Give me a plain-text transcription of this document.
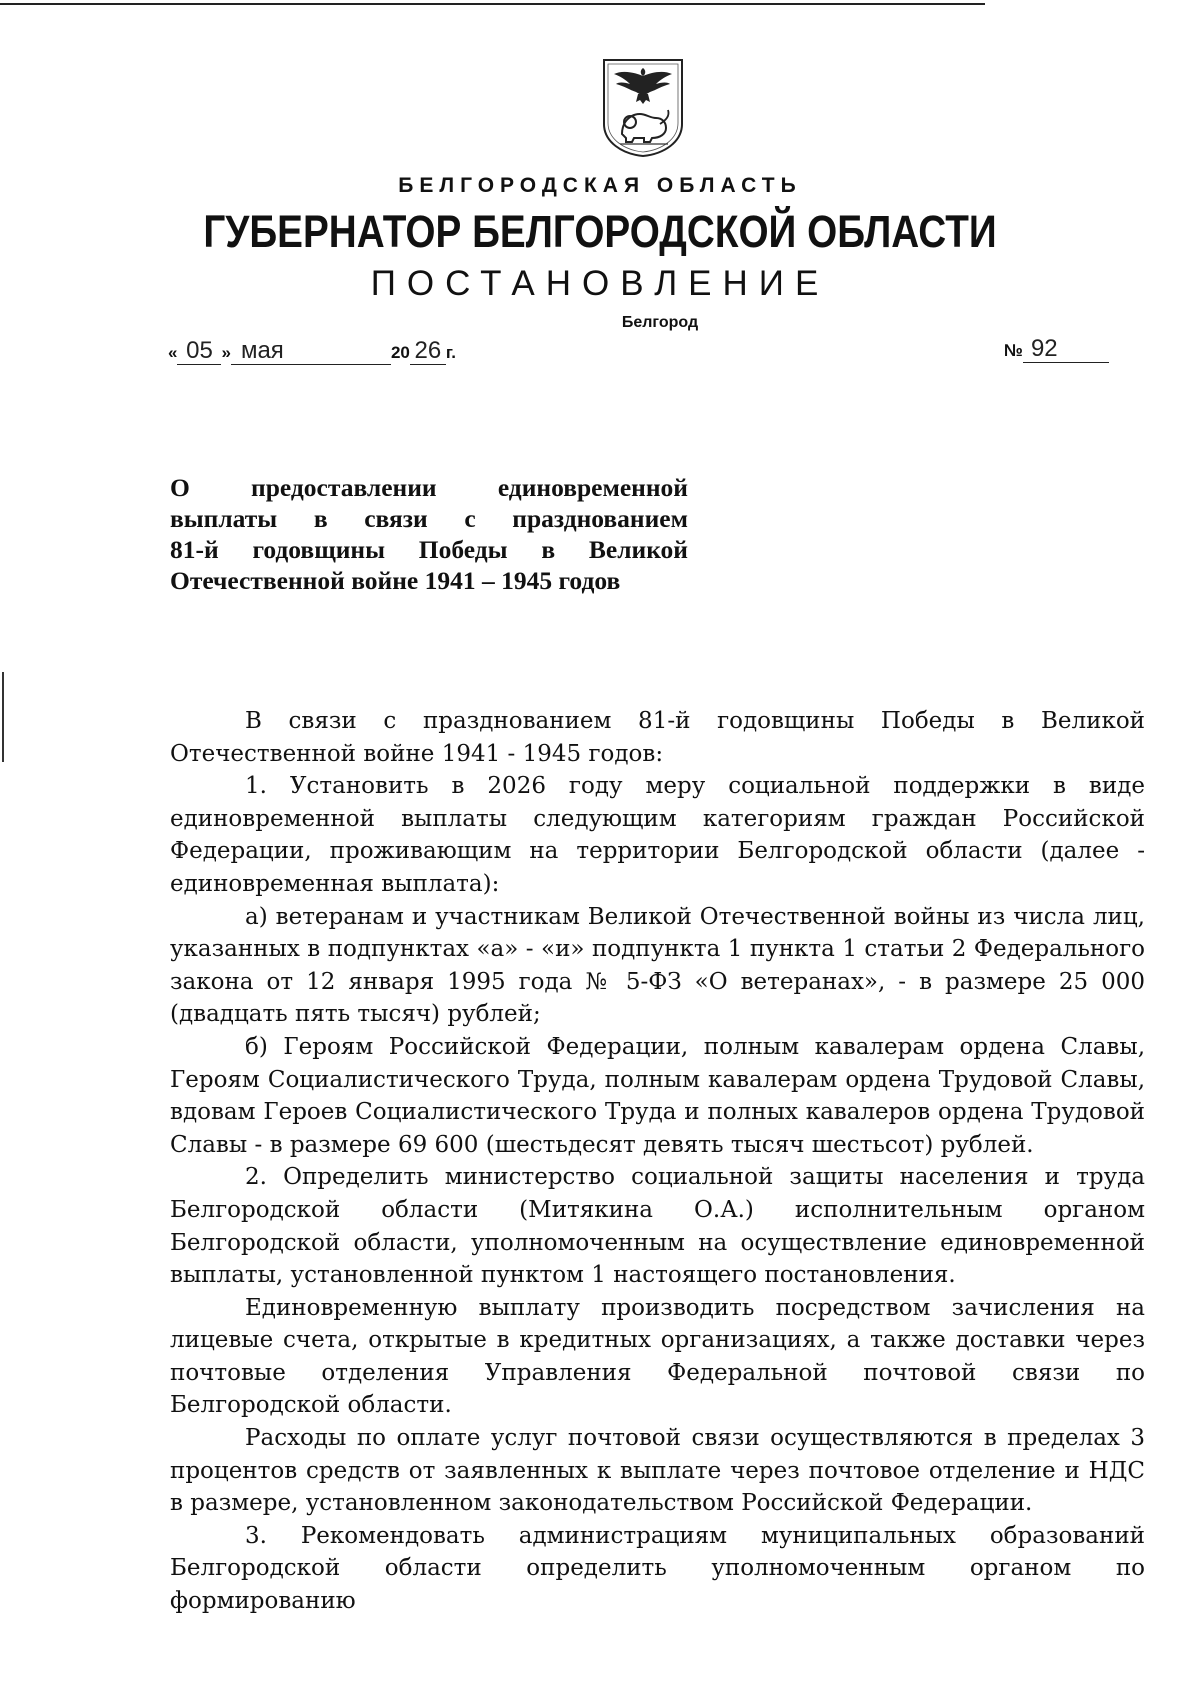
БЕЛГОРОДСКАЯ ОБЛАСТЬ
ГУБЕРНАТОР БЕЛГОРОДСКОЙ ОБЛАСТИ
ПОСТАНОВЛЕНИЕ
Белгород
« 05 » мая	20 26 г.	№ 92
О предоставлении единовременной
выплаты в связи с празднованием
81-й годовщины Победы в Великой
Отечественной войне 1941 – 1945 годов

В связи с празднованием 81-й годовщины Победы в Великой Отечественной войне 1941 - 1945 годов:

1. Установить в 2026 году меру социальной поддержки в виде единовременной выплаты следующим категориям граждан Российской Федерации, проживающим на территории Белгородской области (далее - единовременная выплата):

а) ветеранам и участникам Великой Отечественной войны из числа лиц, указанных в подпунктах «а» - «и» подпункта 1 пункта 1 статьи 2 Федерального закона от 12 января 1995 года № 5-ФЗ «О ветеранах», - в размере 25 000 (двадцать пять тысяч) рублей;

б) Героям Российской Федерации, полным кавалерам ордена Славы, Героям Социалистического Труда, полным кавалерам ордена Трудовой Славы, вдовам Героев Социалистического Труда и полных кавалеров ордена Трудовой Славы - в размере 69 600 (шестьдесят девять тысяч шестьсот) рублей.

2. Определить министерство социальной защиты населения и труда Белгородской области (Митякина О.А.) исполнительным органом Белгородской области, уполномоченным на осуществление единовременной выплаты, установленной пунктом 1 настоящего постановления.

Единовременную выплату производить посредством зачисления на лицевые счета, открытые в кредитных организациях, а также доставки через почтовые отделения Управления Федеральной почтовой связи по Белгородской области.

Расходы по оплате услуг почтовой связи осуществляются в пределах 3 процентов средств от заявленных к выплате через почтовое отделение и НДС в размере, установленном законодательством Российской Федерации.

3. Рекомендовать администрациям муниципальных образований Белгородской области определить уполномоченным органом по формированию
